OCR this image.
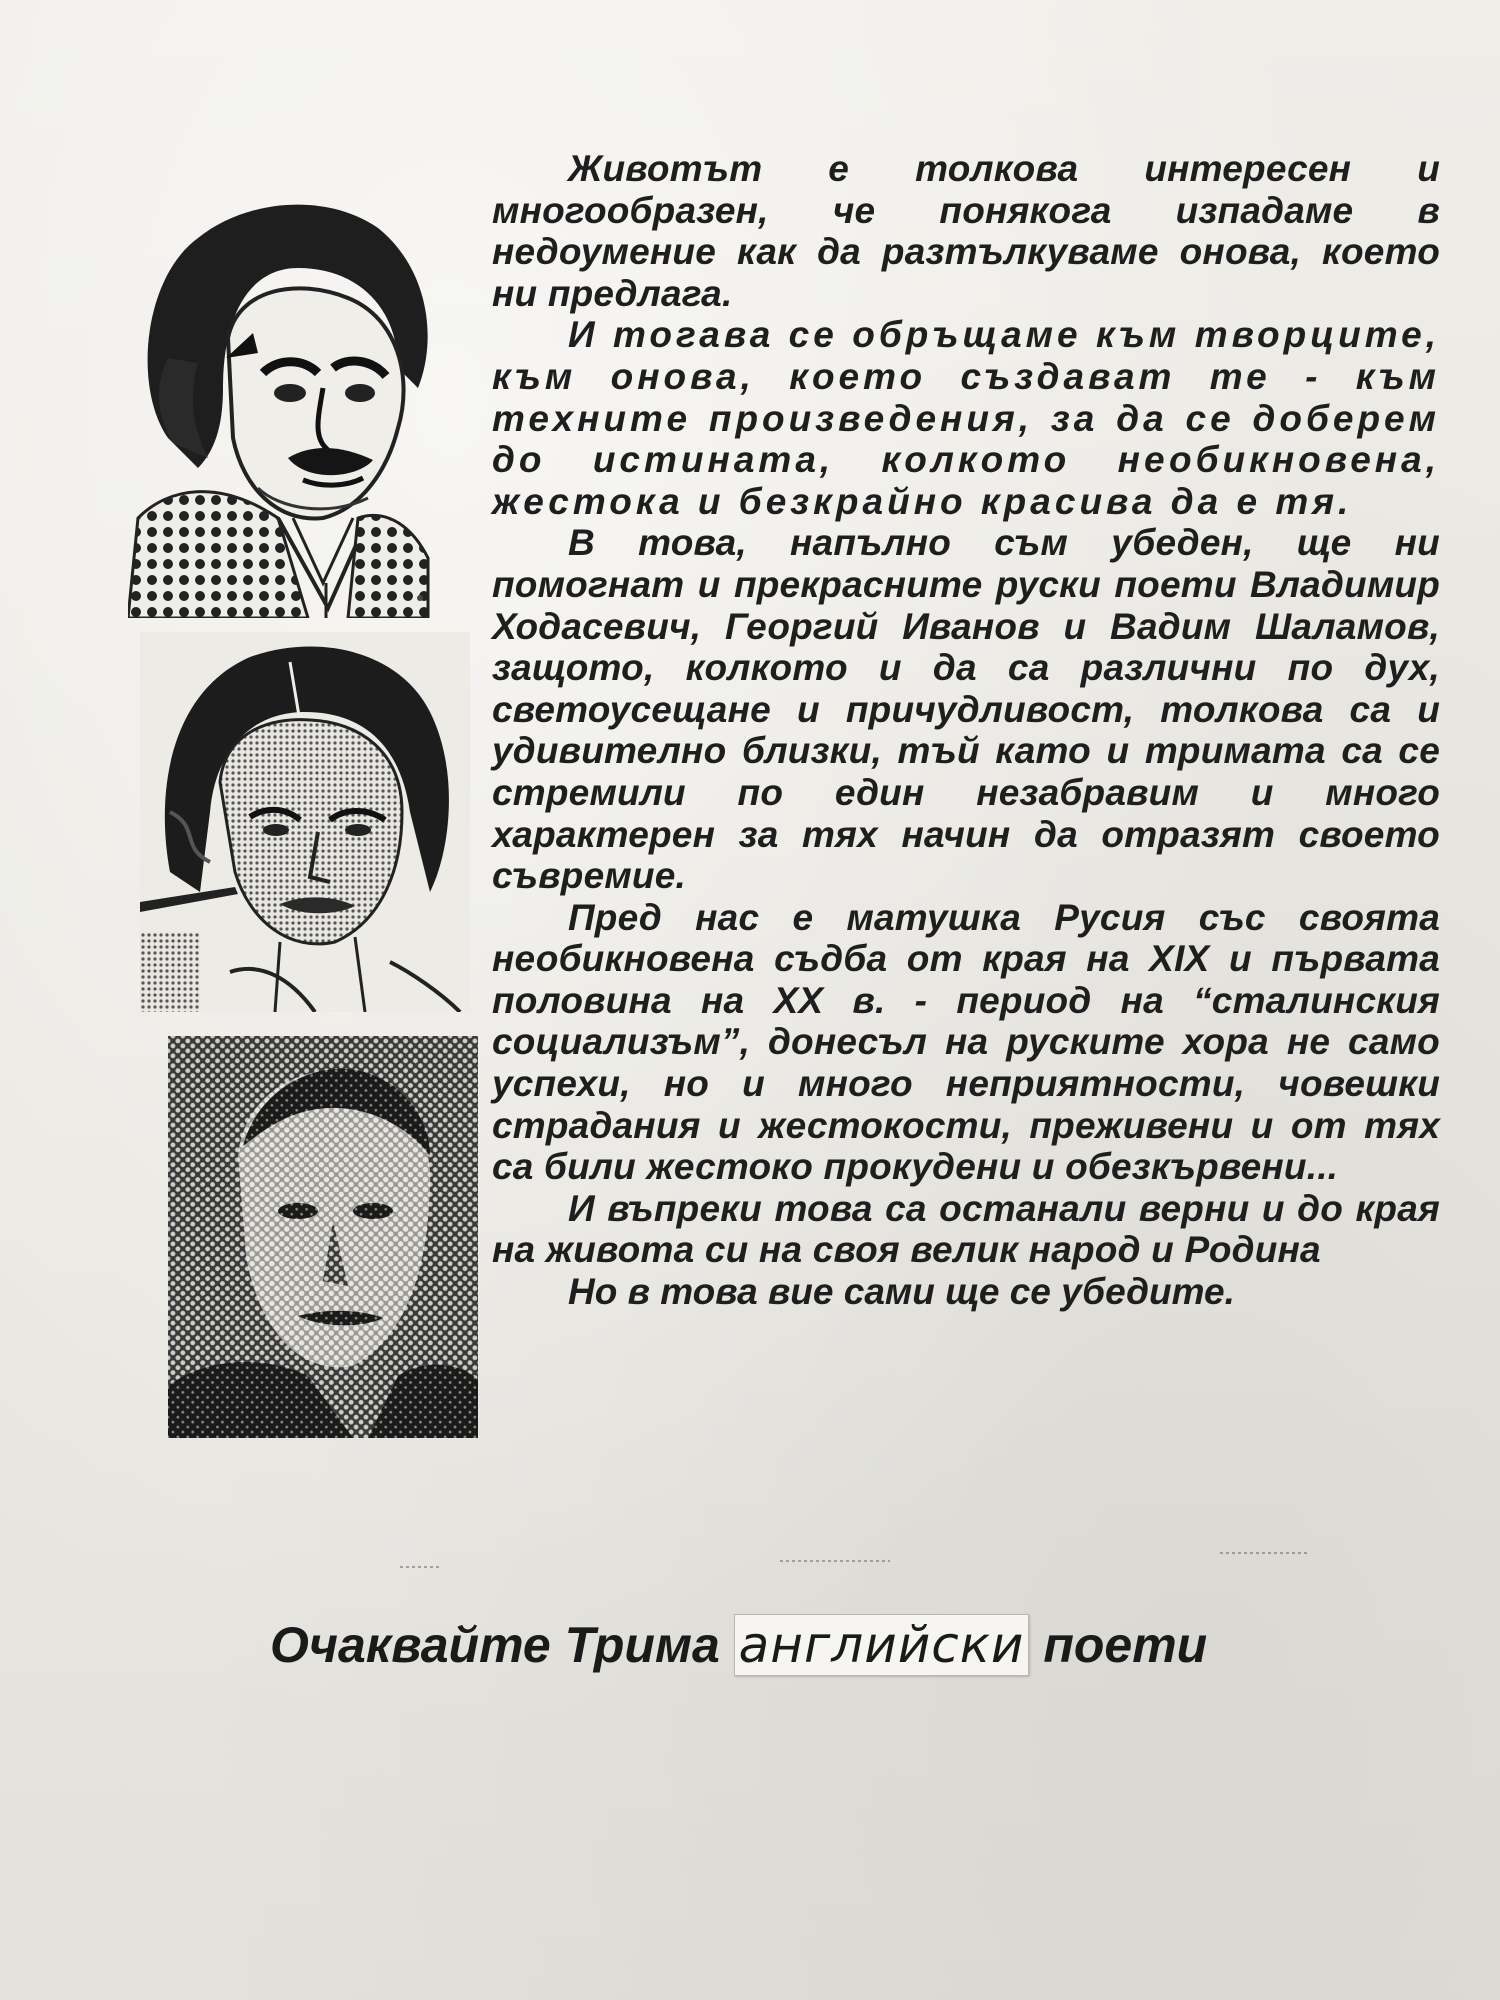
Животът е толкова интересен и многообразен, че понякога изпадаме в недоумение как да разтълкуваме онова, което ни предлага.

И тогава се обръщаме към творците, към онова, което създават те - към техните произведения, за да се доберем до истината, колкото необикновена, жестока и безкрайно красива да е тя.

В това, напълно съм убеден, ще ни помогнат и прекрасните руски поети Владимир Ходасевич, Георгий Иванов и Вадим Шаламов, защото, колкото и да са различни по дух, светоусещане и причудливост, толкова са и удивително близки, тъй като и тримата са се стремили по един незабравим и много характерен за тях начин да отразят своето съвремие.

Пред нас е матушка Русия със своята необикновена съдба от края на XIX и първата половина на XX в. - период на “сталинския социализъм”, донесъл на руските хора не само успехи, но и много неприятности, човешки страдания и жестокости, преживени и от тях са били жестоко прокудени и обезкървени...

И въпреки това са останали верни и до края на живота си на своя велик народ и Родина

Но в това вие сами ще се убедите.

Очаквайте Трима английски поети
